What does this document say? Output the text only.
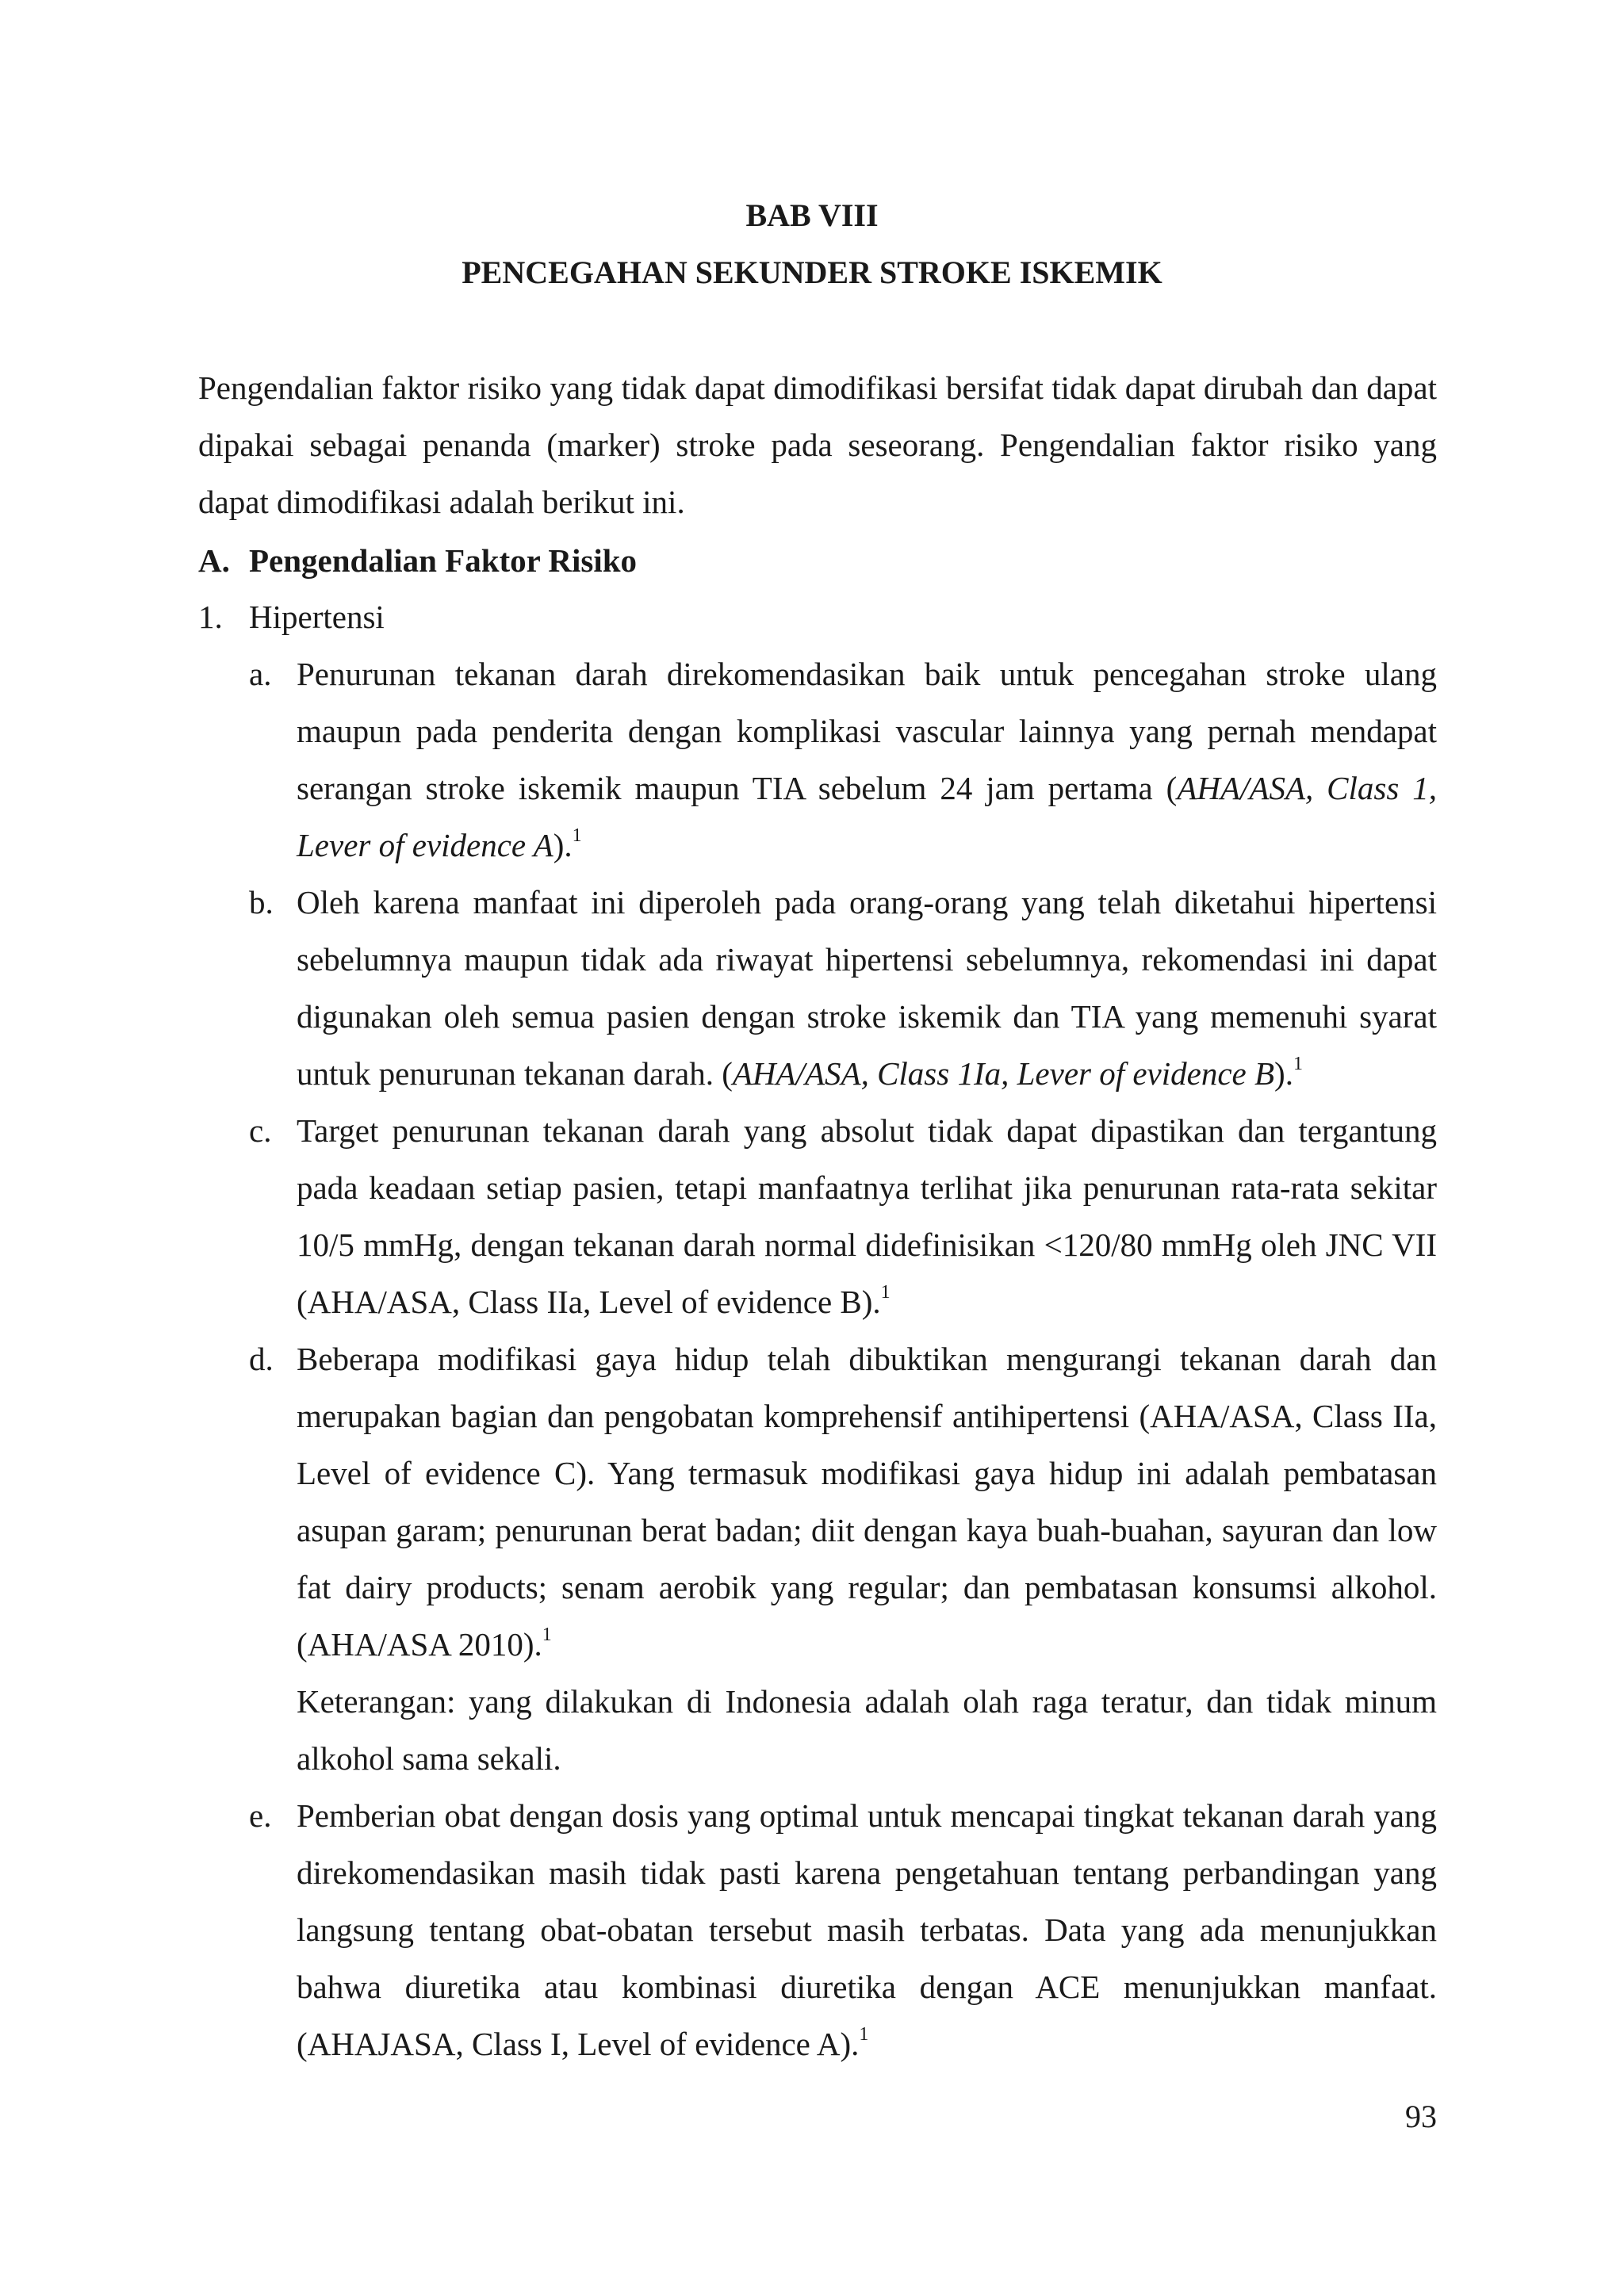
BAB VIII
PENCEGAHAN SEKUNDER STROKE ISKEMIK

Pengendalian faktor risiko yang tidak dapat dimodifikasi bersifat tidak dapat dirubah dan dapat dipakai sebagai penanda (marker) stroke pada seseorang. Pengendalian faktor risiko yang dapat dimodifikasi adalah berikut ini.

A. Pengendalian Faktor Risiko

1. Hipertensi

a. Penurunan tekanan darah direkomendasikan baik untuk pencegahan stroke ulang maupun pada penderita dengan komplikasi vascular lainnya yang pernah mendapat serangan stroke iskemik maupun TIA sebelum 24 jam pertama (AHA/ASA, Class 1, Lever of evidence A).$^1$

b. Oleh karena manfaat ini diperoleh pada orang-orang yang telah diketahui hipertensi sebelumnya maupun tidak ada riwayat hipertensi sebelumnya, rekomendasi ini dapat digunakan oleh semua pasien dengan stroke iskemik dan TIA yang memenuhi syarat untuk penurunan tekanan darah. (AHA/ASA, Class 1Ia, Lever of evidence B).$^1$

c. Target penurunan tekanan darah yang absolut tidak dapat dipastikan dan tergantung pada keadaan setiap pasien, tetapi manfaatnya terlihat jika penurunan rata-rata sekitar 10/5 mmHg, dengan tekanan darah normal didefinisikan <120/80 mmHg oleh JNC VII (AHA/ASA, Class IIa, Level of evidence B).$^1$

d. Beberapa modifikasi gaya hidup telah dibuktikan mengurangi tekanan darah dan merupakan bagian dan pengobatan komprehensif antihipertensi (AHA/ASA, Class IIa, Level of evidence C). Yang termasuk modifikasi gaya hidup ini adalah pembatasan asupan garam; penurunan berat badan; diit dengan kaya buah-buahan, sayuran dan low fat dairy products; senam aerobik yang regular; dan pembatasan konsumsi alkohol. (AHA/ASA 2010).$^1$

Keterangan: yang dilakukan di Indonesia adalah olah raga teratur, dan tidak minum alkohol sama sekali.

e. Pemberian obat dengan dosis yang optimal untuk mencapai tingkat tekanan darah yang direkomendasikan masih tidak pasti karena pengetahuan tentang perbandingan yang langsung tentang obat-obatan tersebut masih terbatas. Data yang ada menunjukkan bahwa diuretika atau kombinasi diuretika dengan ACE menunjukkan manfaat. (AHAJASA, Class I, Level of evidence A).$^1$

93
